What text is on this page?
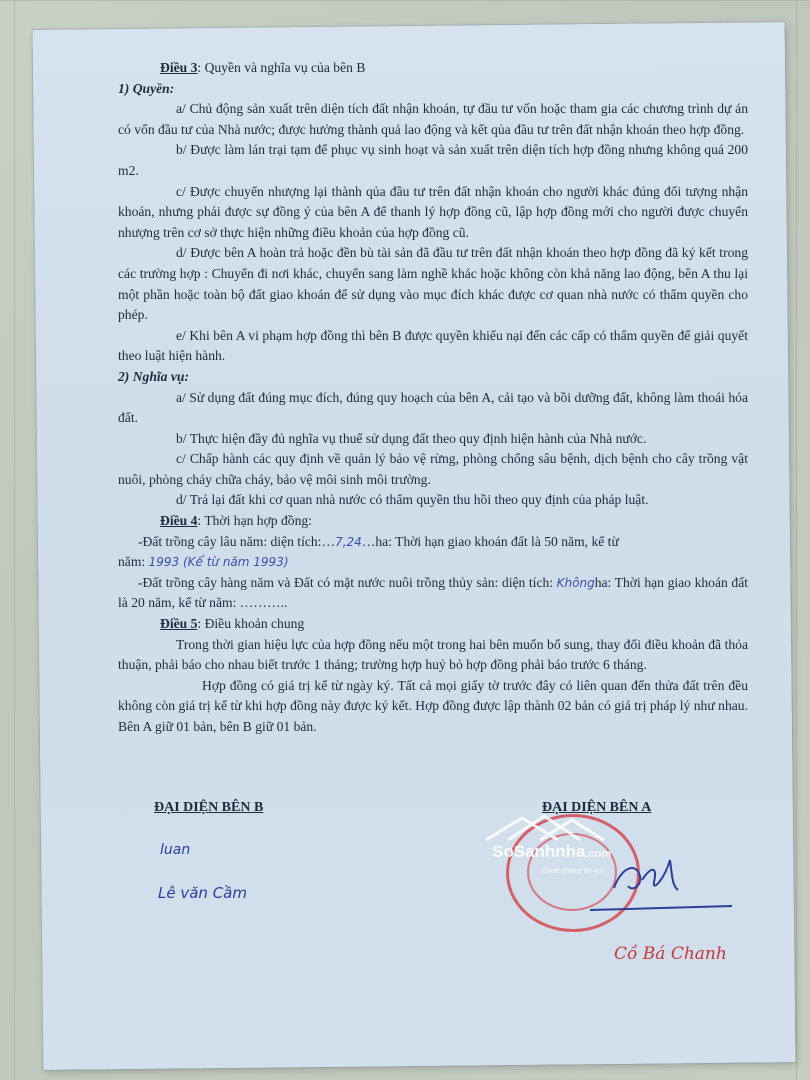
Điều 3: Quyền và nghĩa vụ của bên B

1) Quyền:

a/ Chủ động sản xuất trên diện tích đất nhận khoán, tự đầu tư vốn hoặc tham gia các chương trình dự án có vốn đầu tư của Nhà nước; được hưởng thành quả lao động và kết qủa đầu tư trên đất nhận khoán theo hợp đồng.

b/ Được làm lán trại tạm để phục vụ sinh hoạt và sản xuất trên diện tích hợp đồng nhưng không quá 200 m2.

c/ Được chuyển nhượng lại thành qủa đầu tư trên đất nhận khoán cho người khác đúng đối tượng nhận khoán, nhưng phải được sự đồng ý của bên A để thanh lý hợp đồng cũ, lập hợp đồng mới cho người được chuyển nhượng trên cơ sở thực hiện những điều khoản của hợp đồng cũ.

d/ Được bên A hoàn trả hoặc đền bù tài sản đã đầu tư trên đất nhận khoán theo hợp đồng đã ký kết trong các trường hợp : Chuyển đi nơi khác, chuyển sang làm nghề khác hoặc không còn khả năng lao động, bên A thu lại một phần hoặc toàn bộ đất giao khoán để sử dụng vào mục đích khác được cơ quan nhà nước có thẩm quyền cho phép.

e/ Khi bên A vi phạm hợp đồng thì bên B được quyền khiếu nại đến các cấp có thẩm quyền để giải quyết theo luật hiện hành.

2) Nghĩa vụ:

a/ Sử dụng đất đúng mục đích, đúng quy hoạch của bên A, cải tạo và bồi dưỡng đất, không làm thoái hóa đất.

b/ Thực hiện đầy đủ nghĩa vụ thuế sử dụng đất theo quy định hiện hành của Nhà nước.

c/ Chấp hành các quy định về quản lý bảo vệ rừng, phòng chống sâu bệnh, dịch bệnh cho cây trồng vật nuôi, phòng cháy chữa cháy, bảo vệ môi sinh môi trường.

d/ Trả lại đất khi cơ quan nhà nước có thẩm quyền thu hồi theo quy định của pháp luật.

Điều 4: Thời hạn hợp đồng:

-Đất trồng cây lâu năm: diện tích:…7,24…ha: Thời hạn giao khoán đất là 50 năm, kể từ

năm: 1993 (Kể từ năm 1993)

-Đất trồng cây hàng năm và Đất có mặt nước nuôi trồng thủy sản: diện tích: Khôngha: Thời hạn giao khoán đất là 20 năm, kể từ năm: ………..

Điều 5: Điều khoản chung

Trong thời gian hiệu lực của hợp đồng nếu một trong hai bên muốn bổ sung, thay đổi điều khoản đã thỏa thuận, phải báo cho nhau biết trước 1 tháng; trường hợp huỷ bỏ hợp đồng phải báo trước 6 tháng.

Hợp đồng có giá trị kể từ ngày ký. Tất cả mọi giấy tờ trước đây có liên quan đến thửa đất trên đều không còn giá trị kể từ khi hợp đồng này được ký kết. Hợp đồng được lập thành 02 bản có giá trị pháp lý như nhau. Bên A giữ 01 bản, bên B giữ 01 bản.

ĐẠI DIỆN BÊN B	ĐẠI DIỆN BÊN A
luan
Lê văn Cầm
SoSanhnha.com
Great choice for you
Cồ Bá Chanh
